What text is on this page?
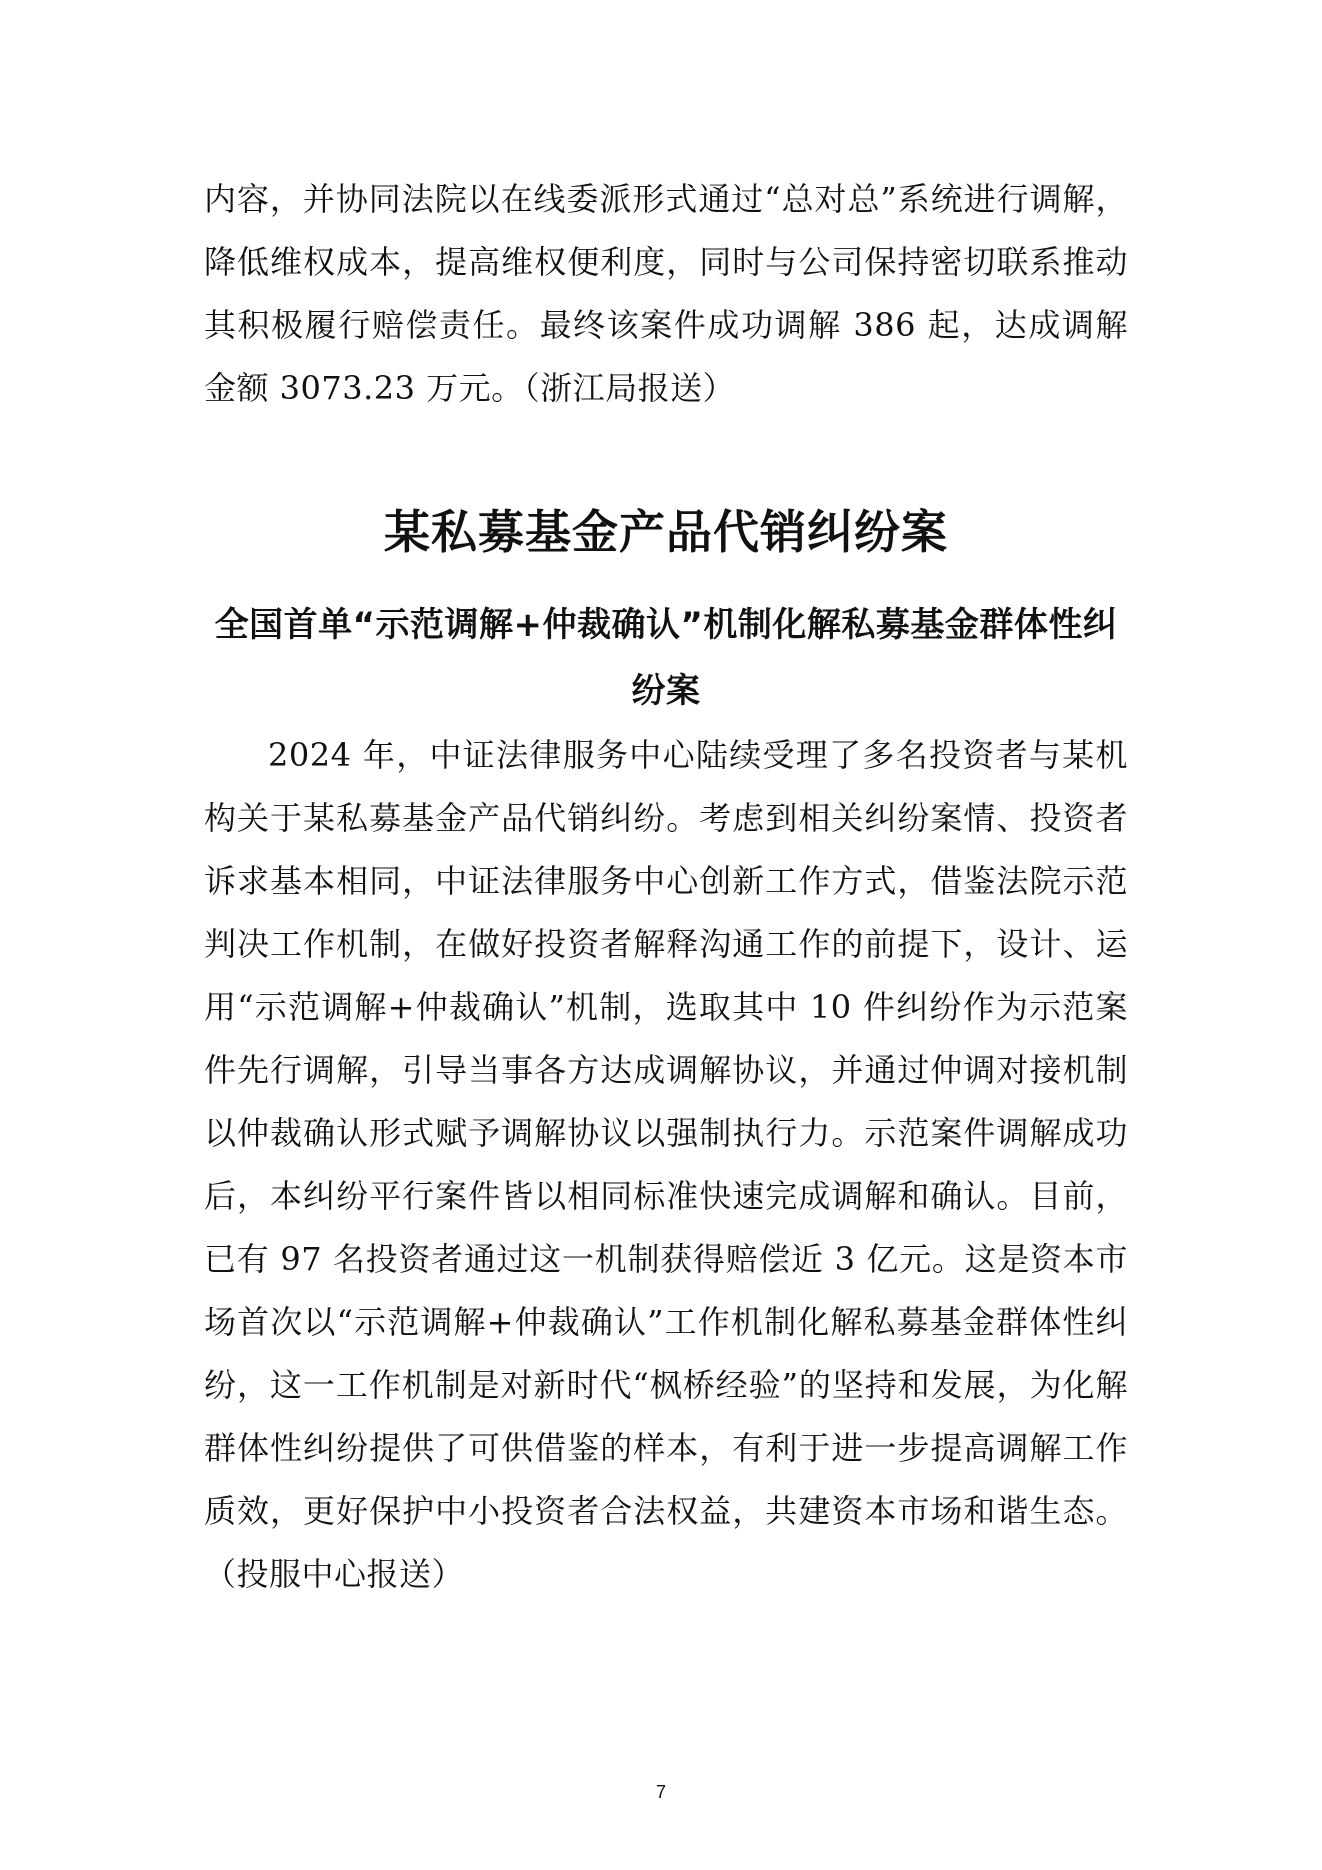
内容，并协同法院以在线委派形式通过“总对总”系统进行调解，降低维权成本，提高维权便利度，同时与公司保持密切联系推动其积极履行赔偿责任。最终该案件成功调解 386 起，达成调解金额 3073.23 万元。（浙江局报送）

某私募基金产品代销纠纷案
全国首单“示范调解+仲裁确认”机制化解私募基金群体性纠纷案

2024 年，中证法律服务中心陆续受理了多名投资者与某机构关于某私募基金产品代销纠纷。考虑到相关纠纷案情、投资者诉求基本相同，中证法律服务中心创新工作方式，借鉴法院示范判决工作机制，在做好投资者解释沟通工作的前提下，设计、运用“示范调解+仲裁确认”机制，选取其中 10 件纠纷作为示范案件先行调解，引导当事各方达成调解协议，并通过仲调对接机制以仲裁确认形式赋予调解协议以强制执行力。示范案件调解成功后，本纠纷平行案件皆以相同标准快速完成调解和确认。目前，已有 97 名投资者通过这一机制获得赔偿近 3 亿元。这是资本市场首次以“示范调解+仲裁确认”工作机制化解私募基金群体性纠纷，这一工作机制是对新时代“枫桥经验”的坚持和发展，为化解群体性纠纷提供了可供借鉴的样本，有利于进一步提高调解工作质效，更好保护中小投资者合法权益，共建资本市场和谐生态。（投服中心报送）

7
